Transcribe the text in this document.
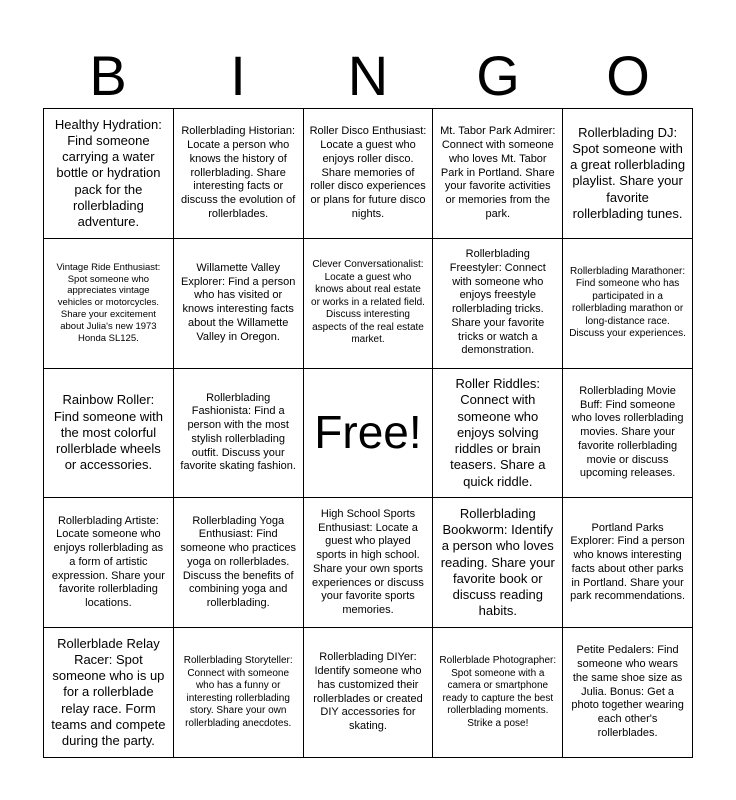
B	I	N	G	O
Healthy Hydration: Find someone carrying a water bottle or hydration pack for the rollerblading adventure.
Rollerblading Historian: Locate a person who knows the history of rollerblading. Share interesting facts or discuss the evolution of rollerblades.
Roller Disco Enthusiast: Locate a guest who enjoys roller disco. Share memories of roller disco experiences or plans for future disco nights.
Mt. Tabor Park Admirer: Connect with someone who loves Mt. Tabor Park in Portland. Share your favorite activities or memories from the park.
Rollerblading DJ: Spot someone with a great rollerblading playlist. Share your favorite rollerblading tunes.
Vintage Ride Enthusiast: Spot someone who appreciates vintage vehicles or motorcycles. Share your excitement about Julia's new 1973 Honda SL125.
Willamette Valley Explorer: Find a person who has visited or knows interesting facts about the Willamette Valley in Oregon.
Clever Conversationalist: Locate a guest who knows about real estate or works in a related field. Discuss interesting aspects of the real estate market.
Rollerblading Freestyler: Connect with someone who enjoys freestyle rollerblading tricks. Share your favorite tricks or watch a demonstration.
Rollerblading Marathoner: Find someone who has participated in a rollerblading marathon or long-distance race. Discuss your experiences.
Rainbow Roller: Find someone with the most colorful rollerblade wheels or accessories.
Rollerblading Fashionista: Find a person with the most stylish rollerblading outfit. Discuss your favorite skating fashion.
Free!
Roller Riddles: Connect with someone who enjoys solving riddles or brain teasers. Share a quick riddle.
Rollerblading Movie Buff: Find someone who loves rollerblading movies. Share your favorite rollerblading movie or discuss upcoming releases.
Rollerblading Artiste: Locate someone who enjoys rollerblading as a form of artistic expression. Share your favorite rollerblading locations.
Rollerblading Yoga Enthusiast: Find someone who practices yoga on rollerblades. Discuss the benefits of combining yoga and rollerblading.
High School Sports Enthusiast: Locate a guest who played sports in high school. Share your own sports experiences or discuss your favorite sports memories.
Rollerblading Bookworm: Identify a person who loves reading. Share your favorite book or discuss reading habits.
Portland Parks Explorer: Find a person who knows interesting facts about other parks in Portland. Share your park recommendations.
Rollerblade Relay Racer: Spot someone who is up for a rollerblade relay race. Form teams and compete during the party.
Rollerblading Storyteller: Connect with someone who has a funny or interesting rollerblading story. Share your own rollerblading anecdotes.
Rollerblading DIYer: Identify someone who has customized their rollerblades or created DIY accessories for skating.
Rollerblade Photographer: Spot someone with a camera or smartphone ready to capture the best rollerblading moments. Strike a pose!
Petite Pedalers: Find someone who wears the same shoe size as Julia. Bonus: Get a photo together wearing each other's rollerblades.
